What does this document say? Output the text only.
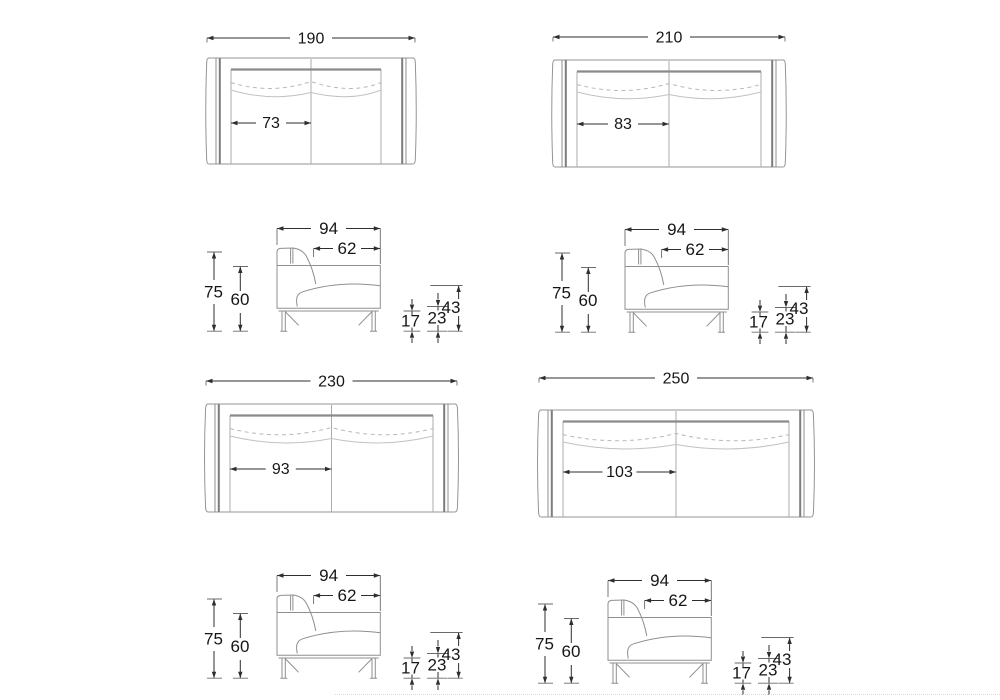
190
73
210
83
230
93
250
103
94
62
75 60
17 23
43
94
62
75 60
17 23
43
94
62
75 60
17 23
43
94
62
75 60
17 23
43
